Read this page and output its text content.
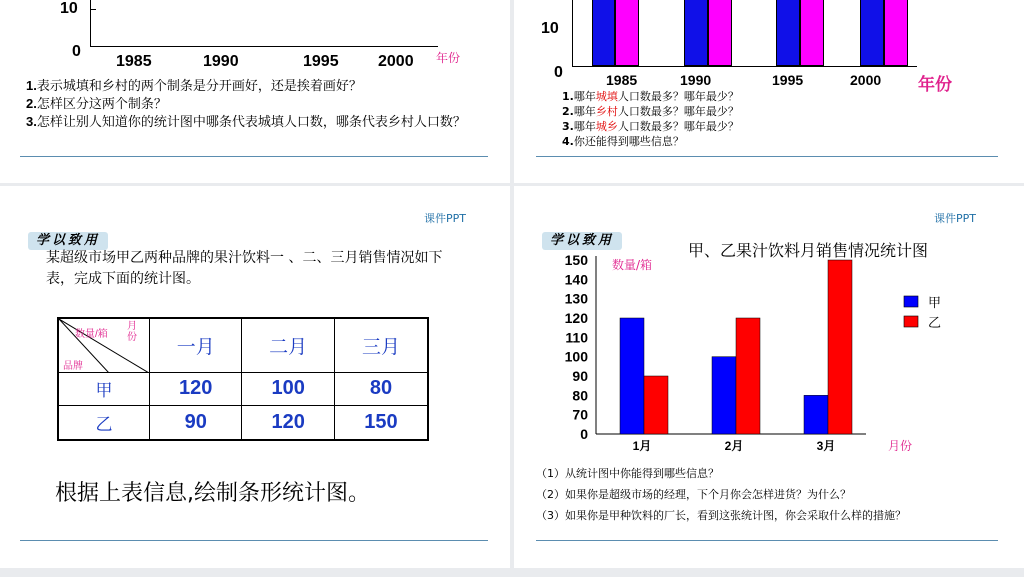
10
0
1985	1990	1995 2000 年份
1.表示城填和乡村的两个制条是分开画好，还是挨着画好？
2.怎样区分这两个制条？
3.怎样让别人知道你的统计图中哪条代表城填人口数，哪条代表乡村人口数？
10
0	1985	1990	1995	2000 年份
1.哪年城填人口数最多？哪年最少？
2.哪年乡村人口数最多？哪年最少？
3.哪年城乡人口数最多？哪年最少？
4.你还能得到哪些信息？
课件PPT
学以致用
某超级市场甲乙两种品牌的果汁饮料一 、二、三月销售情况如下表，完成下面的统计图。
数量/箱
月份
品牌	一月	二月	三月
甲	120	100	80
乙	90	120	150
根据上表信息,绘制条形统计图。
课件PPT
学以致用
甲、乙果汁饮料月销售情况统计图
150
140
130
120
110
100
90
80
70
0
数量/箱
月份
1月	2月	3月
甲
乙
（1）从统计图中你能得到哪些信息？
（2）如果你是超级市场的经理，下个月你会怎样进货？为什么？
（3）如果你是甲种饮料的厂长，看到这张统计图，你会采取什么样的措施？
